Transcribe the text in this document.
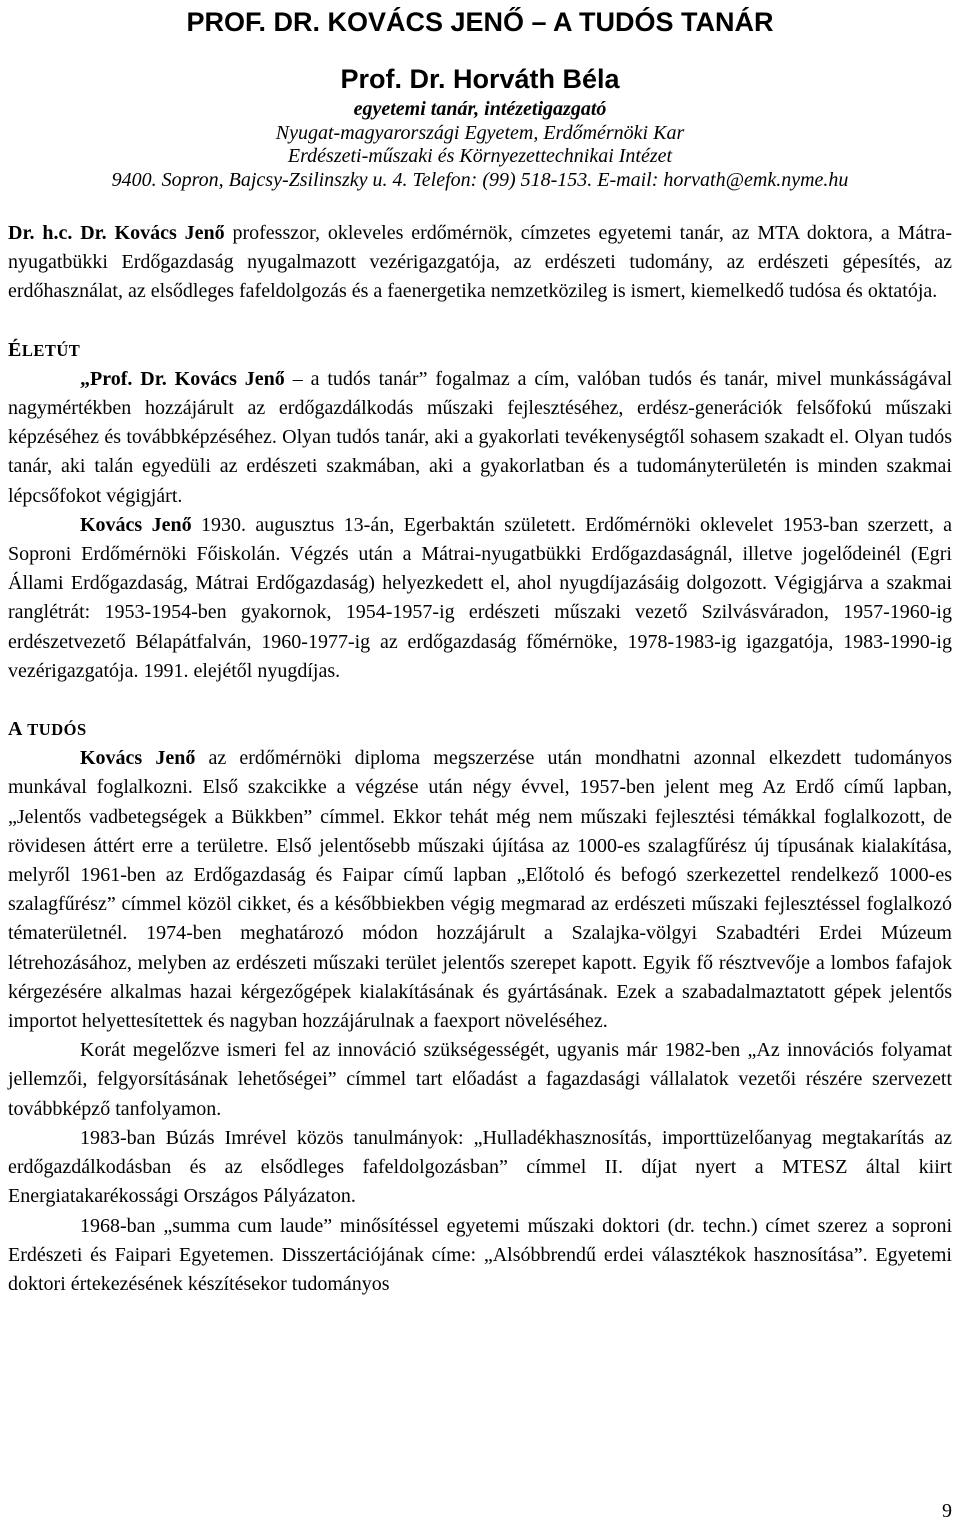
PROF. DR. KOVÁCS JENŐ – A TUDÓS TANÁR
Prof. Dr. Horváth Béla
egyetemi tanár, intézetigazgató
Nyugat-magyarországi Egyetem, Erdőmérnöki Kar
Erdészeti-műszaki és Környezettechnikai Intézet
9400. Sopron, Bajcsy-Zsilinszky u. 4. Telefon: (99) 518-153. E-mail: horvath@emk.nyme.hu

Dr. h.c. Dr. Kovács Jenő professzor, okleveles erdőmérnök, címzetes egyetemi tanár, az MTA doktora, a Mátra-nyugatbükki Erdőgazdaság nyugalmazott vezérigazgatója, az erdészeti tudomány, az erdészeti gépesítés, az erdőhasználat, az elsődleges fafeldolgozás és a faenergetika nemzetközileg is ismert, kiemelkedő tudósa és oktatója.

ÉLETÚT

„Prof. Dr. Kovács Jenő – a tudós tanár” fogalmaz a cím, valóban tudós és tanár, mivel munkásságával nagymértékben hozzájárult az erdőgazdálkodás műszaki fejlesztéséhez, erdész-generációk felsőfokú műszaki képzéséhez és továbbképzéséhez. Olyan tudós tanár, aki a gyakorlati tevékenységtől sohasem szakadt el. Olyan tudós tanár, aki talán egyedüli az erdészeti szakmában, aki a gyakorlatban és a tudományterületén is minden szakmai lépcsőfokot végigjárt.

Kovács Jenő 1930. augusztus 13-án, Egerbaktán született. Erdőmérnöki oklevelet 1953-ban szerzett, a Soproni Erdőmérnöki Főiskolán. Végzés után a Mátrai-nyugatbükki Erdőgazdaságnál, illetve jogelődeinél (Egri Állami Erdőgazdaság, Mátrai Erdőgazdaság) helyezkedett el, ahol nyugdíjazásáig dolgozott. Végigjárva a szakmai ranglétrát: 1953-1954-ben gyakornok, 1954-1957-ig erdészeti műszaki vezető Szilvásváradon, 1957-1960-ig erdészetvezető Bélapátfalván, 1960-1977-ig az erdőgazdaság főmérnöke, 1978-1983-ig igazgatója, 1983-1990-ig vezérigazgatója. 1991. elejétől nyugdíjas.

A TUDÓS

Kovács Jenő az erdőmérnöki diploma megszerzése után mondhatni azonnal elkezdett tudományos munkával foglalkozni. Első szakcikke a végzése után négy évvel, 1957-ben jelent meg Az Erdő című lapban, „Jelentős vadbetegségek a Bükkben” címmel. Ekkor tehát még nem műszaki fejlesztési témákkal foglalkozott, de rövidesen áttért erre a területre. Első jelentősebb műszaki újítása az 1000-es szalagfűrész új típusának kialakítása, melyről 1961-ben az Erdőgazdaság és Faipar című lapban „Előtoló és befogó szerkezettel rendelkező 1000-es szalagfűrész” címmel közöl cikket, és a későbbiekben végig megmarad az erdészeti műszaki fejlesztéssel foglalkozó tématerületnél. 1974-ben meghatározó módon hozzájárult a Szalajka-völgyi Szabadtéri Erdei Múzeum létrehozásához, melyben az erdészeti műszaki terület jelentős szerepet kapott. Egyik fő résztvevője a lombos fafajok kérgezésére alkalmas hazai kérgezőgépek kialakításának és gyártásának. Ezek a szabadalmaztatott gépek jelentős importot helyettesítettek és nagyban hozzájárulnak a faexport növeléséhez.

Korát megelőzve ismeri fel az innováció szükségességét, ugyanis már 1982-ben „Az innovációs folyamat jellemzői, felgyorsításának lehetőségei” címmel tart előadást a fagazdasági vállalatok vezetői részére szervezett továbbképző tanfolyamon.

1983-ban Búzás Imrével közös tanulmányok: „Hulladékhasznosítás, importtüzelőanyag megtakarítás az erdőgazdálkodásban és az elsődleges fafeldolgozásban” címmel II. díjat nyert a MTESZ által kiirt Energiatakarékossági Országos Pályázaton.

1968-ban „summa cum laude” minősítéssel egyetemi műszaki doktori (dr. techn.) címet szerez a soproni Erdészeti és Faipari Egyetemen. Disszertációjának címe: „Alsóbbrendű erdei választékok hasznosítása”. Egyetemi doktori értekezésének készítésekor tudományos

9
